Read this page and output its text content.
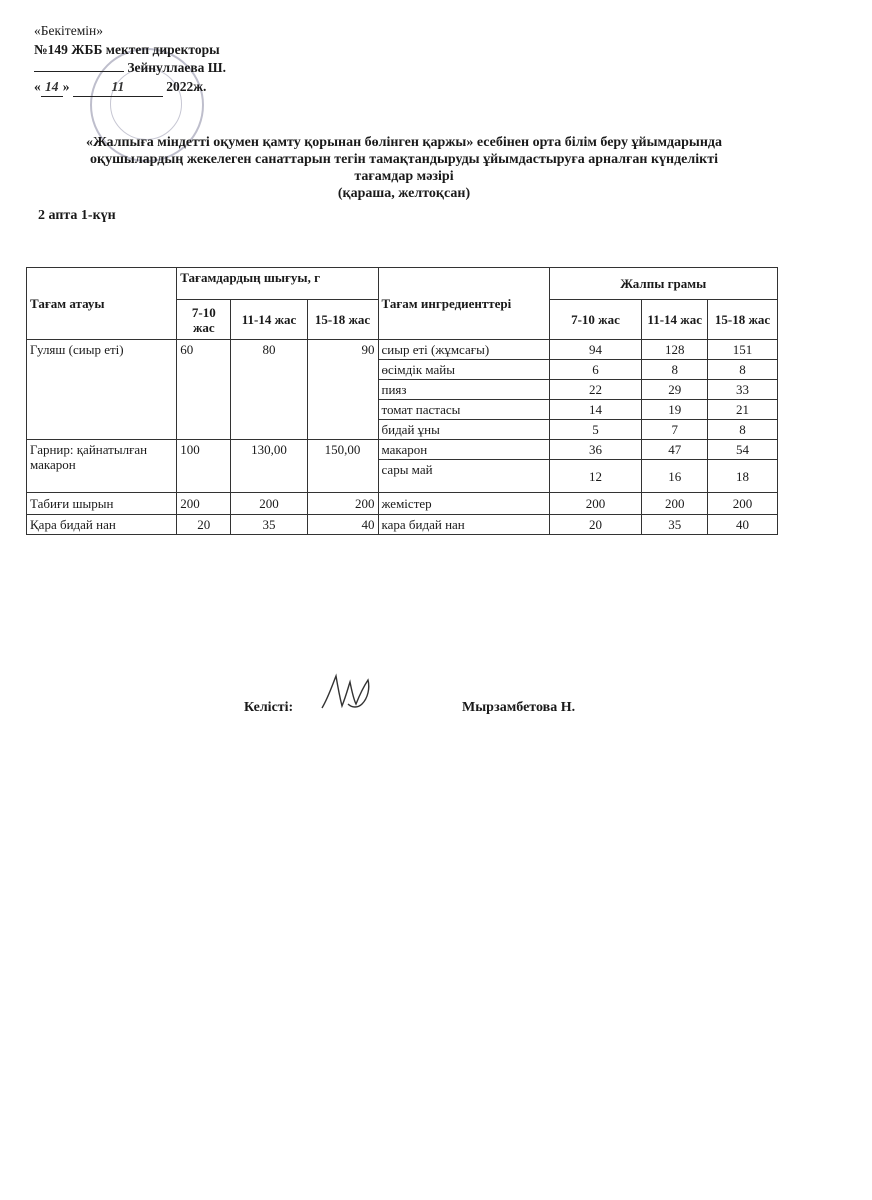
«Бекітемін»
№149 ЖББ мектеп директоры
Зейнуллаева Ш.
« 14 »	11	2022ж.
«Жалпыға міндетті оқумен қамту қорынан бөлінген қаржы» есебінен орта білім беру ұйымдарында
оқушылардың жекелеген санаттарын тегін тамақтандыруды ұйымдастыруға арналған күнделікті
тағамдар мәзірі
(қараша, желтоқсан)
2 апта 1-күн
Тағам атауы	Тағамдардың шығуы, г			Тағам ингредиенттері	Жалпы грамы		
	7-10 жас	11-14 жас	15-18 жас		7-10 жас	11-14 жас	15-18 жас
Гуляш (сиыр еті)	60	80	90	сиыр еті (жұмсағы)	94	128	151
				өсімдік майы	6	8	8
				пияз	22	29	33
				томат пастасы	14	19	21
				бидай ұны	5	7	8
Гарнир: қайнатылған макарон	100	130,00	150,00	макарон	36	47	54
				сары май	12	16	18
Табиғи шырын	200	200	200	жемістер	200	200	200
Қара бидай нан	20	35	40	кара бидай нан	20	35	40
Келісті:	Мырзамбетова Н.
